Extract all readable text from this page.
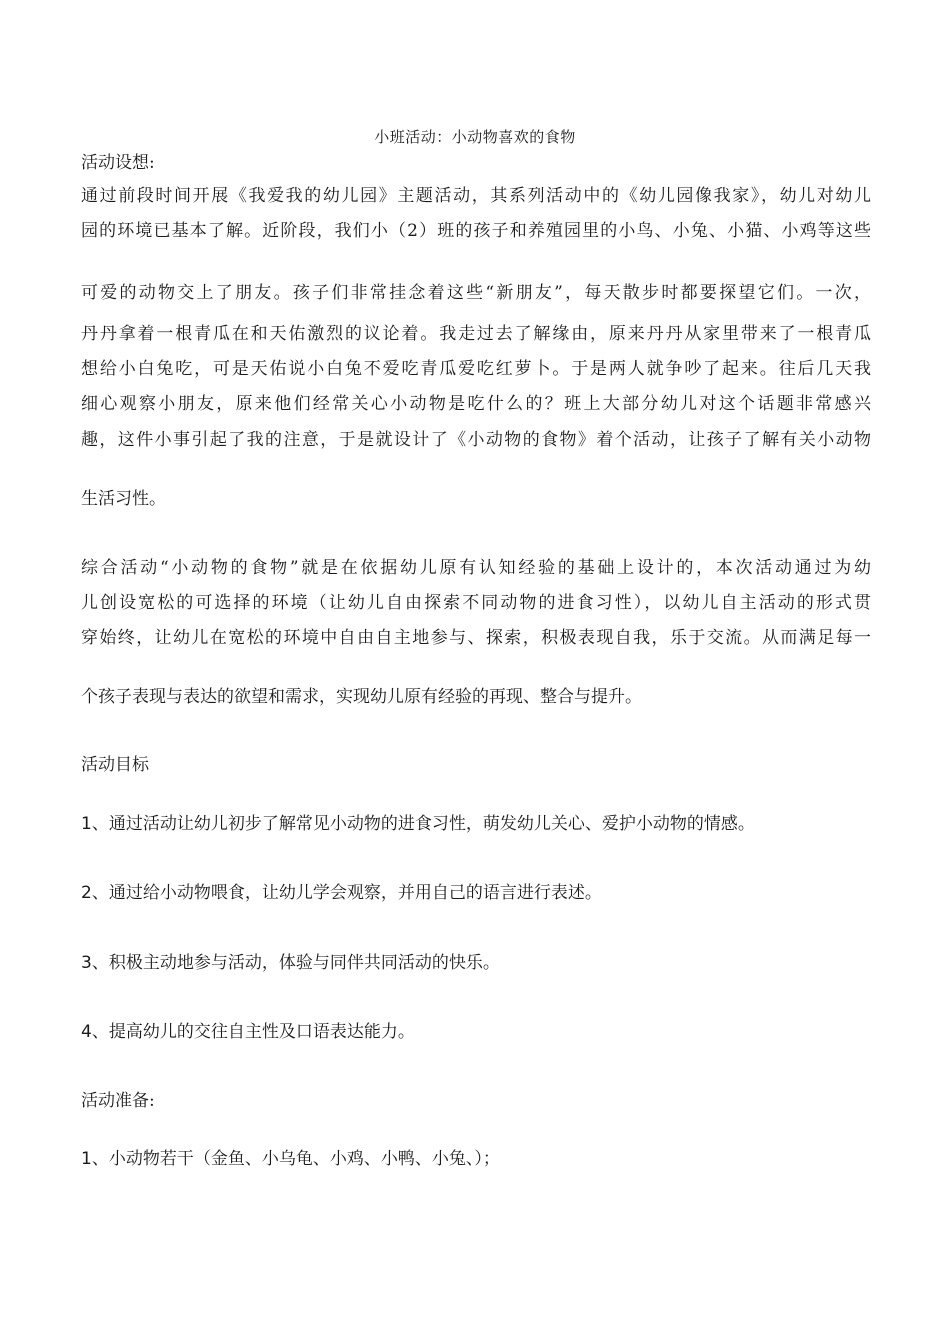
小班活动：小动物喜欢的食物
活动设想:
通过前段时间开展《我爱我的幼儿园》主题活动，其系列活动中的《幼儿园像我家》，幼儿对幼儿
园的环境已基本了解。近阶段，我们小（2）班的孩子和养殖园里的小鸟、小兔、小猫、小鸡等这些
可爱的动物交上了朋友。孩子们非常挂念着这些“新朋友”，每天散步时都要探望它们。一次，
丹丹拿着一根青瓜在和天佑激烈的议论着。我走过去了解缘由，原来丹丹从家里带来了一根青瓜
想给小白兔吃，可是天佑说小白兔不爱吃青瓜爱吃红萝卜。于是两人就争吵了起来。往后几天我
细心观察小朋友，原来他们经常关心小动物是吃什么的？班上大部分幼儿对这个话题非常感兴
趣，这件小事引起了我的注意，于是就设计了《小动物的食物》着个活动，让孩子了解有关小动物
生活习性。
综合活动“小动物的食物”就是在依据幼儿原有认知经验的基础上设计的，本次活动通过为幼
儿创设宽松的可选择的环境（让幼儿自由探索不同动物的进食习性），以幼儿自主活动的形式贯
穿始终，让幼儿在宽松的环境中自由自主地参与、探索，积极表现自我，乐于交流。从而满足每一
个孩子表现与表达的欲望和需求，实现幼儿原有经验的再现、整合与提升。
活动目标
1、通过活动让幼儿初步了解常见小动物的进食习性，萌发幼儿关心、爱护小动物的情感。
2、通过给小动物喂食，让幼儿学会观察，并用自己的语言进行表述。
3、积极主动地参与活动，体验与同伴共同活动的快乐。
4、提高幼儿的交往自主性及口语表达能力。
活动准备:
1、小动物若干（金鱼、小乌龟、小鸡、小鸭、小兔、）；
